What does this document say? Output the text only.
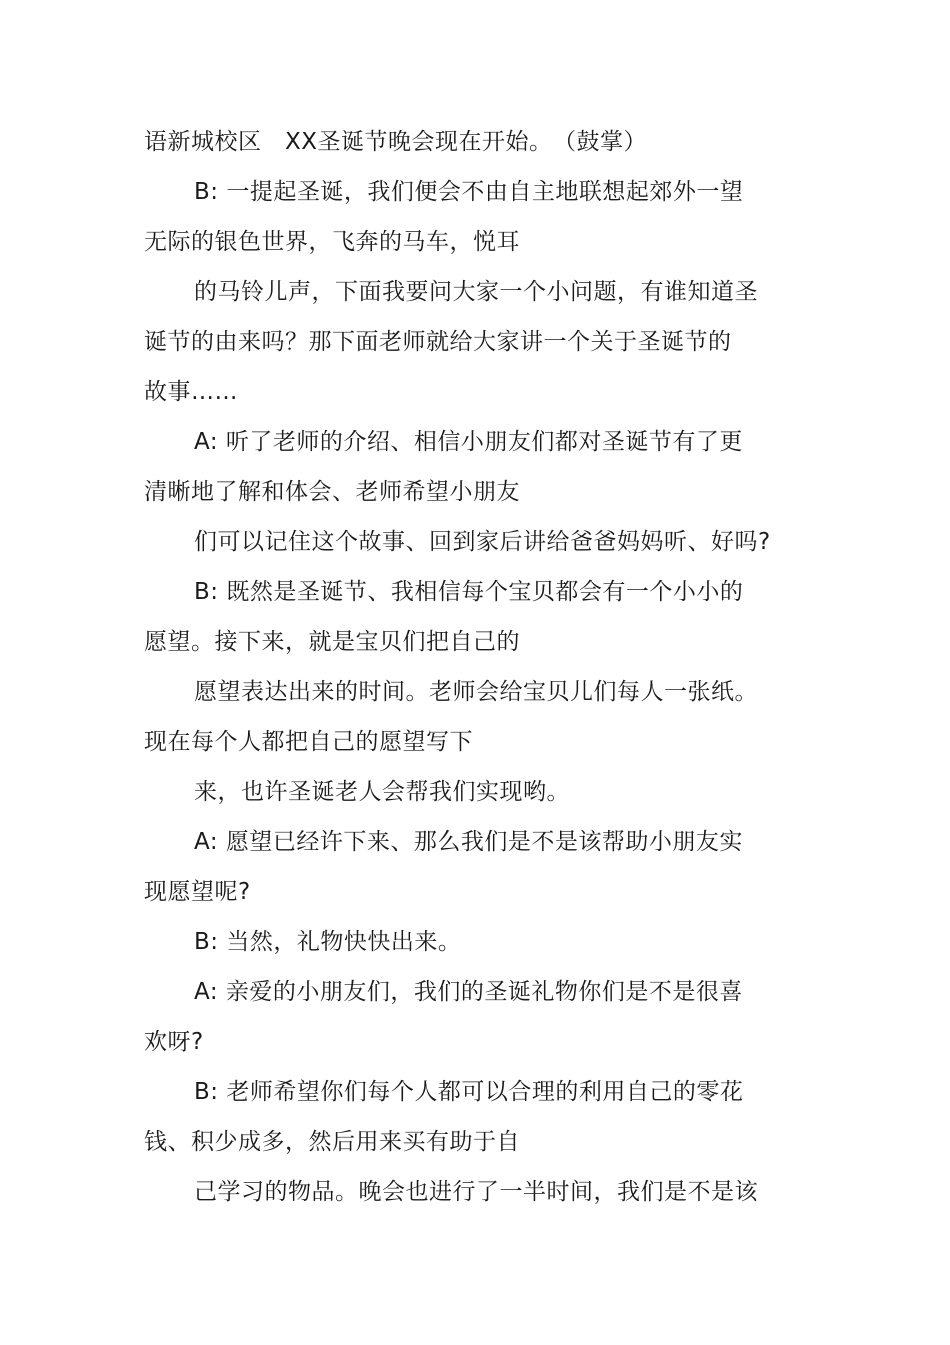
语新城校区　XX圣诞节晚会现在开始。　（鼓掌）
B: 一提起圣诞，我们便会不由自主地联想起郊外一望
无际的银色世界，飞奔的马车，悦耳
的马铃儿声，下面我要问大家一个小问题，有谁知道圣
诞节的由来吗？那下面老师就给大家讲一个关于圣诞节的
故事……
A: 听了老师的介绍、相信小朋友们都对圣诞节有了更
清晰地了解和体会、老师希望小朋友
们可以记住这个故事、回到家后讲给爸爸妈妈听、好吗?
B: 既然是圣诞节、我相信每个宝贝都会有一个小小的
愿望。接下来，就是宝贝们把自己的
愿望表达出来的时间。老师会给宝贝儿们每人一张纸。
现在每个人都把自己的愿望写下
来，也许圣诞老人会帮我们实现哟。
A: 愿望已经许下来、那么我们是不是该帮助小朋友实
现愿望呢?
B: 当然，礼物快快出来。
A: 亲爱的小朋友们，我们的圣诞礼物你们是不是很喜
欢呀?
B: 老师希望你们每个人都可以合理的利用自己的零花
钱、积少成多，然后用来买有助于自
己学习的物品。晚会也进行了一半时间，我们是不是该
